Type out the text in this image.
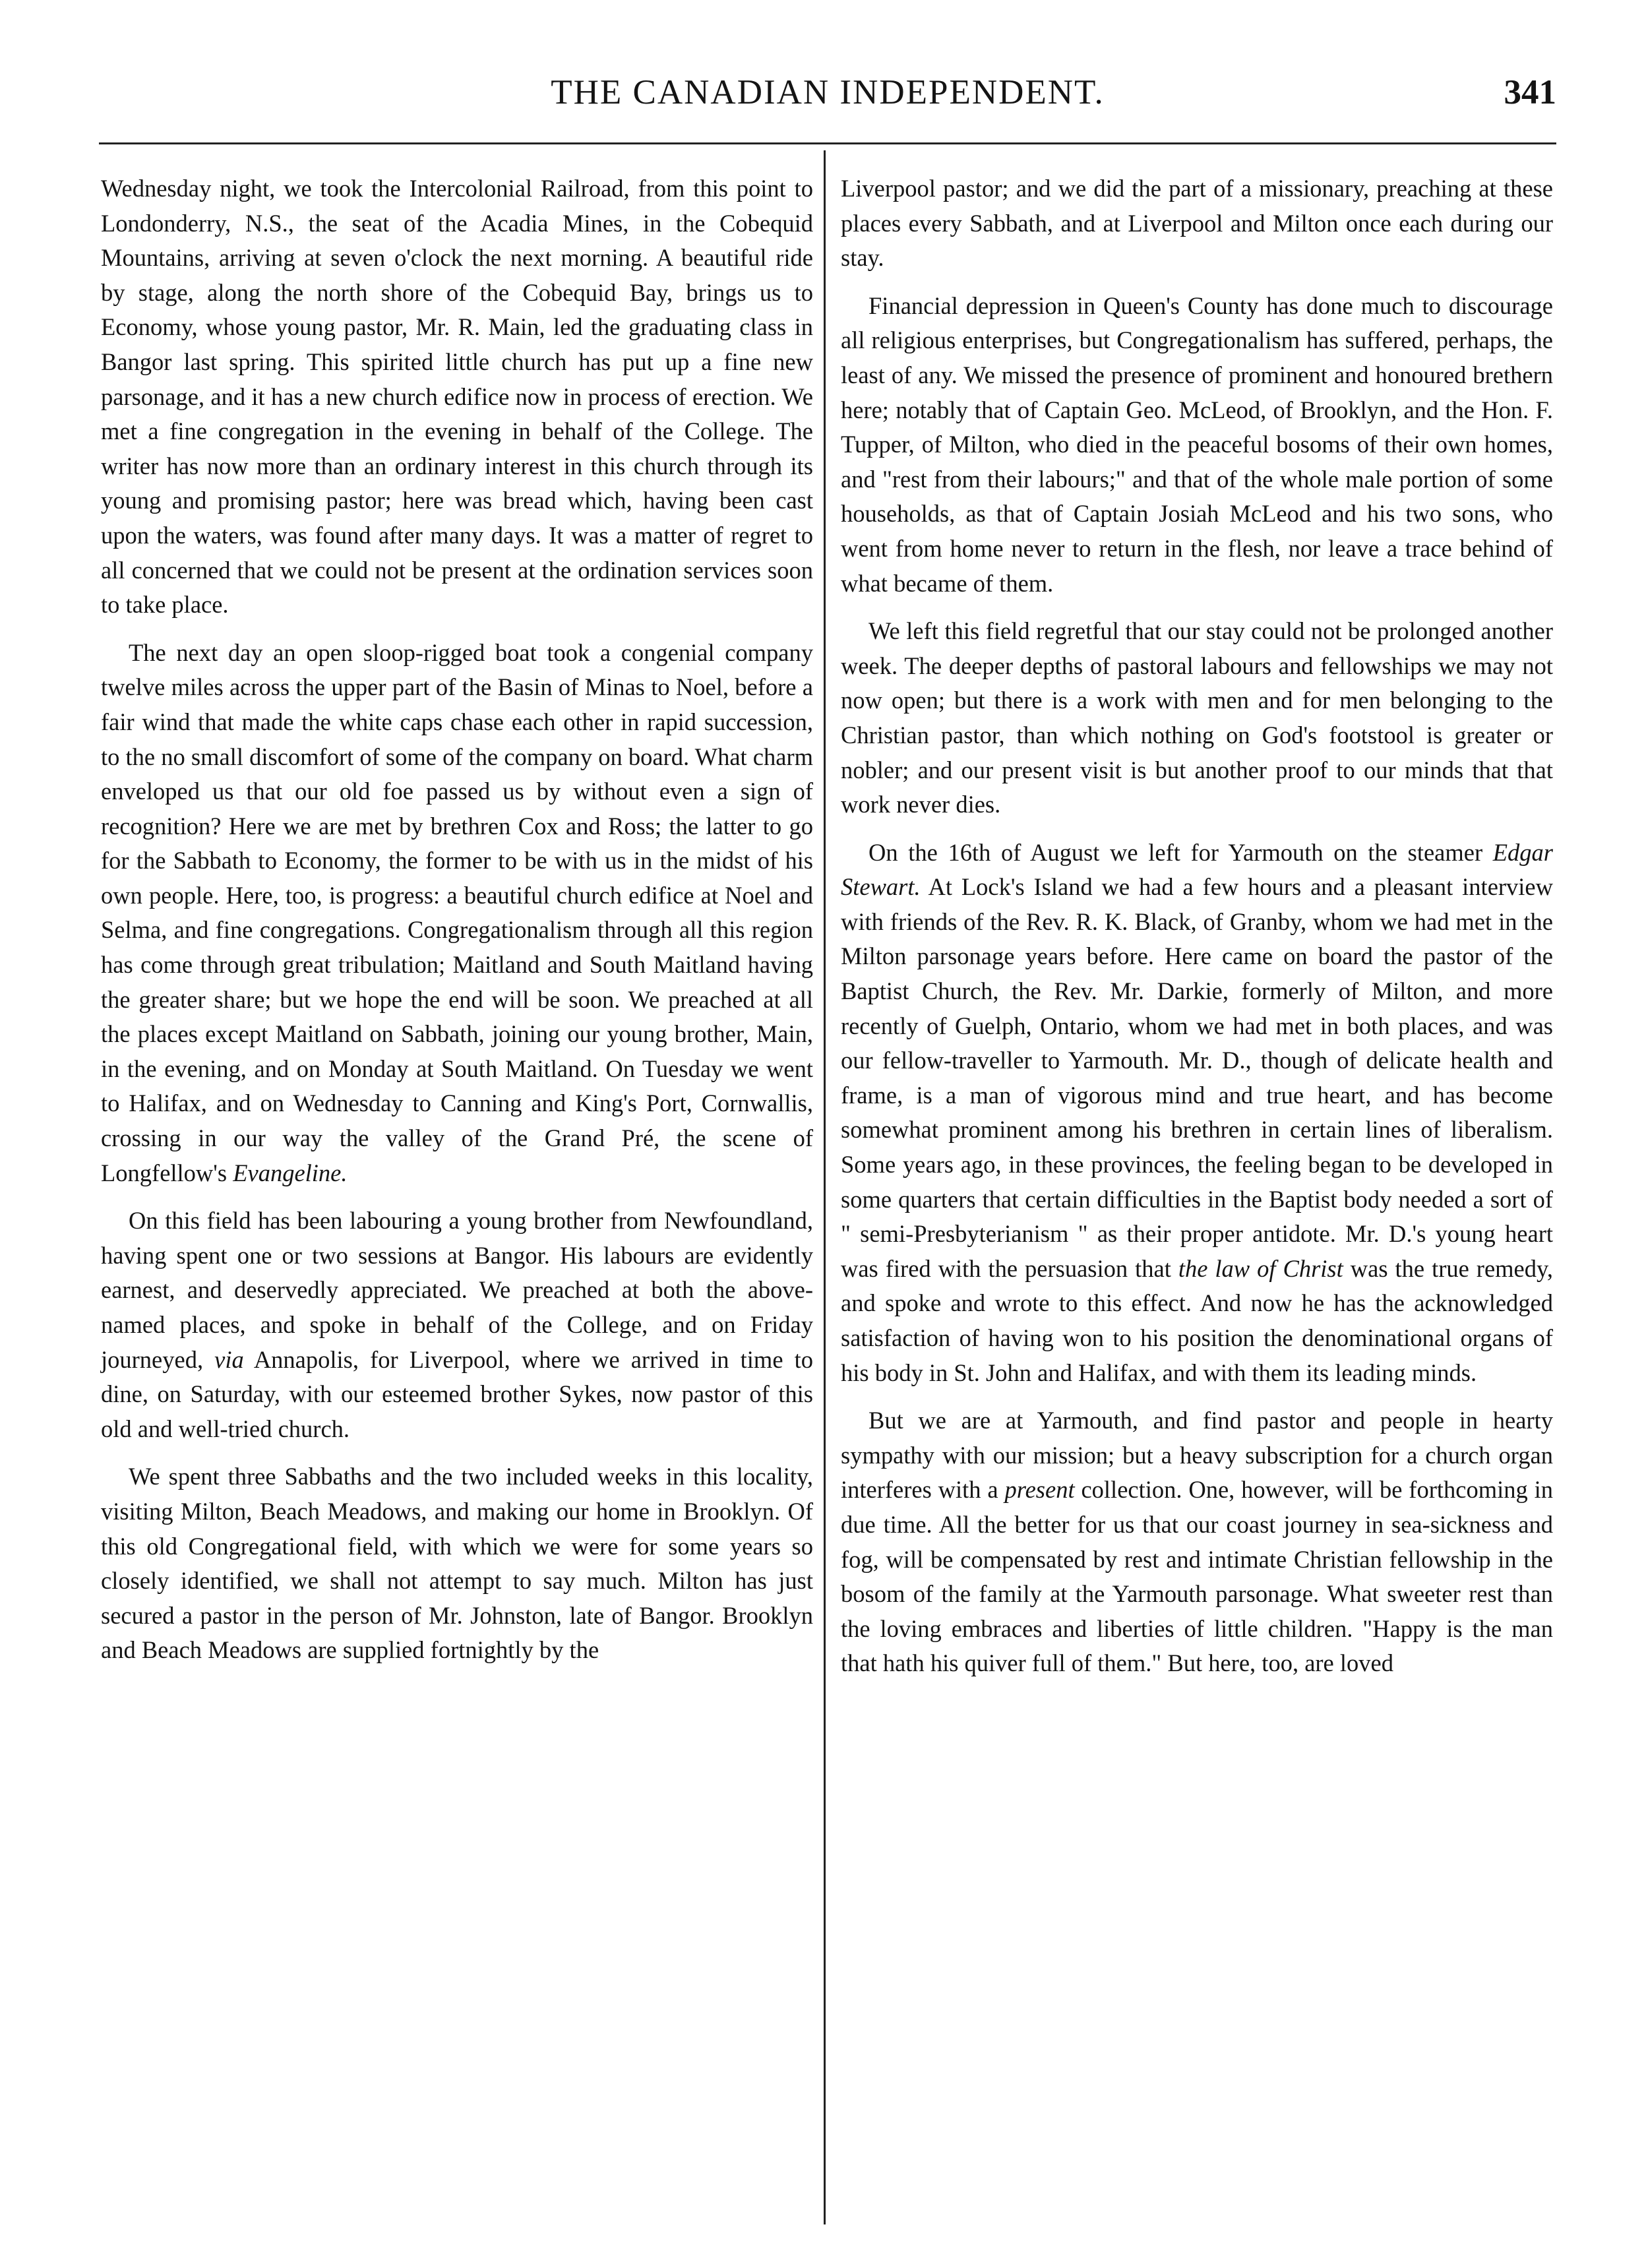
THE CANADIAN INDEPENDENT.	341

Wednesday night, we took the Intercolonial Railroad, from this point to Londonderry, N.S., the seat of the Acadia Mines, in the Cobequid Mountains, arriving at seven o'clock the next morning. A beautiful ride by stage, along the north shore of the Cobequid Bay, brings us to Economy, whose young pastor, Mr. R. Main, led the graduating class in Bangor last spring. This spirited little church has put up a fine new parsonage, and it has a new church edifice now in process of erection. We met a fine congregation in the evening in behalf of the College. The writer has now more than an ordinary interest in this church through its young and promising pastor; here was bread which, having been cast upon the waters, was found after many days. It was a matter of regret to all concerned that we could not be present at the ordination services soon to take place.

The next day an open sloop-rigged boat took a congenial company twelve miles across the upper part of the Basin of Minas to Noel, before a fair wind that made the white caps chase each other in rapid succession, to the no small discomfort of some of the company on board. What charm enveloped us that our old foe passed us by without even a sign of recognition? Here we are met by brethren Cox and Ross; the latter to go for the Sabbath to Economy, the former to be with us in the midst of his own people. Here, too, is progress: a beautiful church edifice at Noel and Selma, and fine congregations. Congregationalism through all this region has come through great tribulation; Maitland and South Maitland having the greater share; but we hope the end will be soon. We preached at all the places except Maitland on Sabbath, joining our young brother, Main, in the evening, and on Monday at South Maitland. On Tuesday we went to Halifax, and on Wednesday to Canning and King's Port, Cornwallis, crossing in our way the valley of the Grand Pré, the scene of Longfellow's Evangeline.

On this field has been labouring a young brother from Newfoundland, having spent one or two sessions at Bangor. His labours are evidently earnest, and deservedly appreciated. We preached at both the above-named places, and spoke in behalf of the College, and on Friday journeyed, via Annapolis, for Liverpool, where we arrived in time to dine, on Saturday, with our esteemed brother Sykes, now pastor of this old and well-tried church.

We spent three Sabbaths and the two included weeks in this locality, visiting Milton, Beach Meadows, and making our home in Brooklyn. Of this old Congregational field, with which we were for some years so closely identified, we shall not attempt to say much. Milton has just secured a pastor in the person of Mr. Johnston, late of Bangor. Brooklyn and Beach Meadows are supplied fortnightly by the

Liverpool pastor; and we did the part of a missionary, preaching at these places every Sabbath, and at Liverpool and Milton once each during our stay.

Financial depression in Queen's County has done much to discourage all religious enterprises, but Congregationalism has suffered, perhaps, the least of any. We missed the presence of prominent and honoured brethern here; notably that of Captain Geo. McLeod, of Brooklyn, and the Hon. F. Tupper, of Milton, who died in the peaceful bosoms of their own homes, and "rest from their labours;" and that of the whole male portion of some households, as that of Captain Josiah McLeod and his two sons, who went from home never to return in the flesh, nor leave a trace behind of what became of them.

We left this field regretful that our stay could not be prolonged another week. The deeper depths of pastoral labours and fellowships we may not now open; but there is a work with men and for men belonging to the Christian pastor, than which nothing on God's footstool is greater or nobler; and our present visit is but another proof to our minds that that work never dies.

On the 16th of August we left for Yarmouth on the steamer Edgar Stewart. At Lock's Island we had a few hours and a pleasant interview with friends of the Rev. R. K. Black, of Granby, whom we had met in the Milton parsonage years before. Here came on board the pastor of the Baptist Church, the Rev. Mr. Darkie, formerly of Milton, and more recently of Guelph, Ontario, whom we had met in both places, and was our fellow-traveller to Yarmouth. Mr. D., though of delicate health and frame, is a man of vigorous mind and true heart, and has become somewhat prominent among his brethren in certain lines of liberalism. Some years ago, in these provinces, the feeling began to be developed in some quarters that certain difficulties in the Baptist body needed a sort of " semi-Presbyterianism " as their proper antidote. Mr. D.'s young heart was fired with the persuasion that the law of Christ was the true remedy, and spoke and wrote to this effect. And now he has the acknowledged satisfaction of having won to his position the denominational organs of his body in St. John and Halifax, and with them its leading minds.

But we are at Yarmouth, and find pastor and people in hearty sympathy with our mission; but a heavy subscription for a church organ interferes with a present collection. One, however, will be forthcoming in due time. All the better for us that our coast journey in sea-sickness and fog, will be compensated by rest and intimate Christian fellowship in the bosom of the family at the Yarmouth parsonage. What sweeter rest than the loving embraces and liberties of little children. "Happy is the man that hath his quiver full of them." But here, too, are loved
